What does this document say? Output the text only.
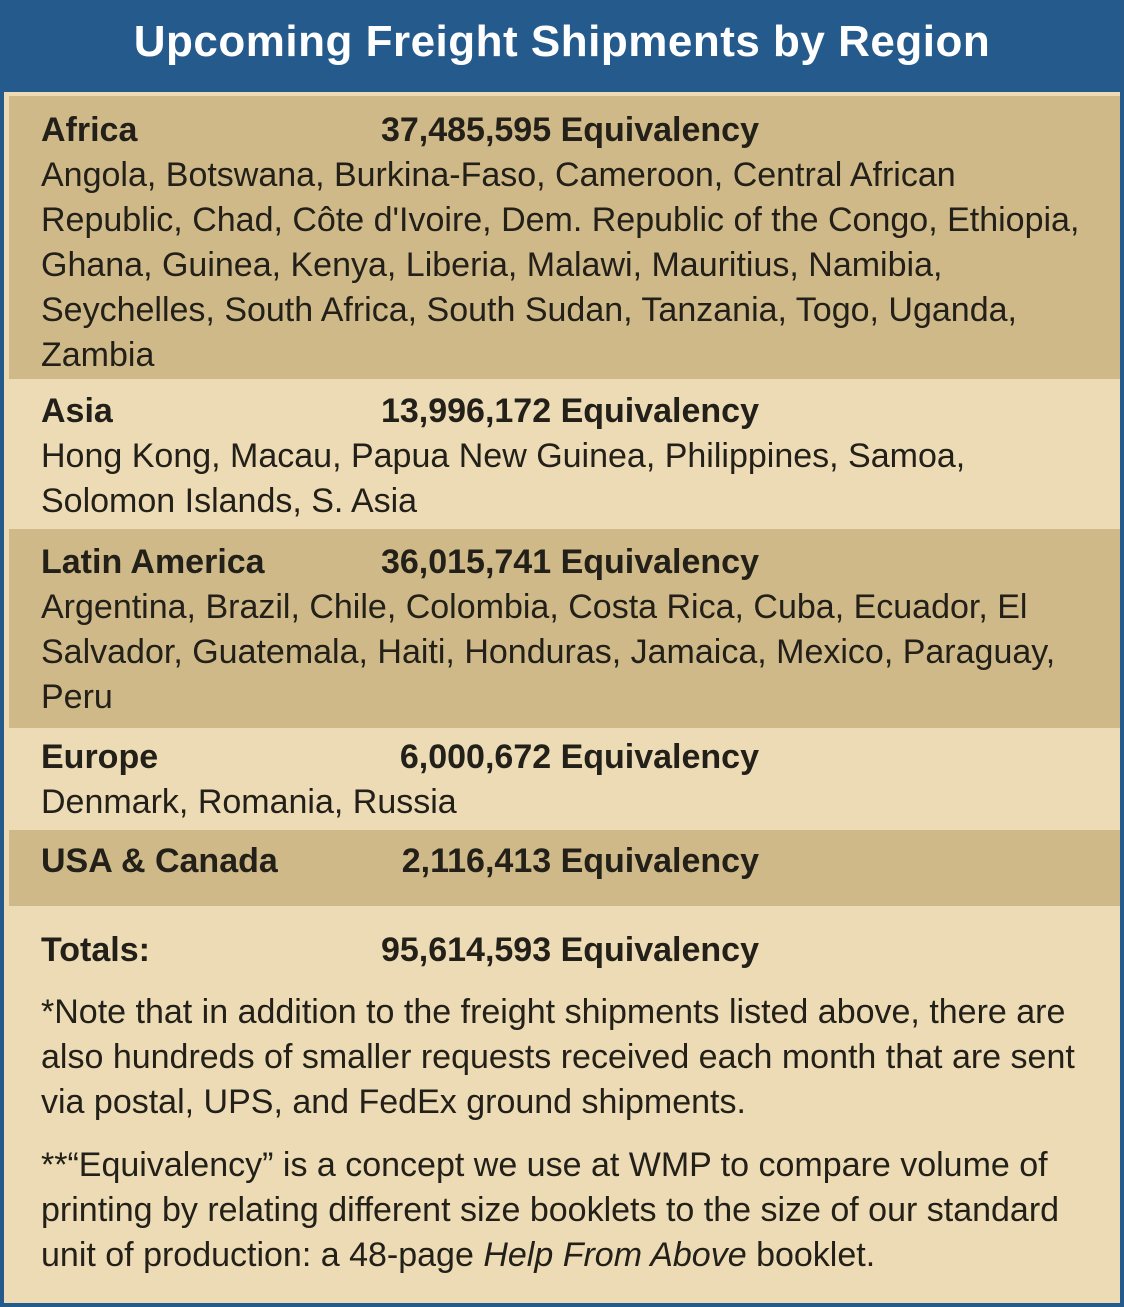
Upcoming Freight Shipments by Region
Africa	37,485,595 Equivalency
Angola, Botswana, Burkina-Faso, Cameroon, Central African Republic, Chad, Côte d'Ivoire, Dem. Republic of the Congo, Ethiopia, Ghana, Guinea, Kenya, Liberia, Malawi, Mauritius, Namibia, Seychelles, South Africa, South Sudan, Tanzania, Togo, Uganda, Zambia
Asia	13,996,172 Equivalency
Hong Kong, Macau, Papua New Guinea, Philippines, Samoa, Solomon Islands, S. Asia
Latin America	36,015,741 Equivalency
Argentina, Brazil, Chile, Colombia, Costa Rica, Cuba, Ecuador, El Salvador, Guatemala, Haiti, Honduras, Jamaica, Mexico, Paraguay, Peru
Europe	6,000,672 Equivalency
Denmark, Romania, Russia
USA & Canada	2,116,413 Equivalency
Totals:	95,614,593 Equivalency
*Note that in addition to the freight shipments listed above, there are also hundreds of smaller requests received each month that are sent via postal, UPS, and FedEx ground shipments.
**“Equivalency” is a concept we use at WMP to compare volume of printing by relating different size booklets to the size of our standard unit of production: a 48-page Help From Above booklet.
